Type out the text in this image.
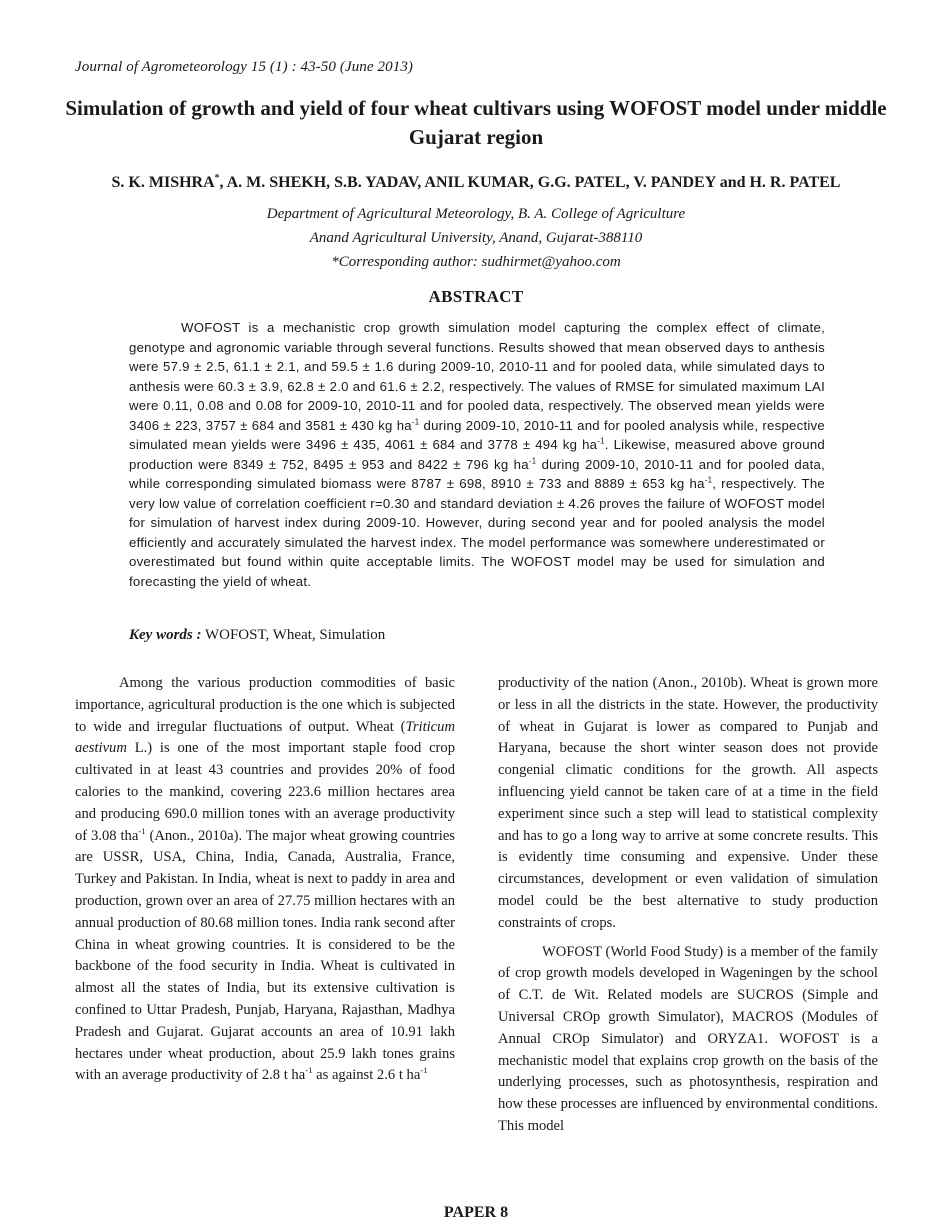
Journal of Agrometeorology 15 (1) : 43-50 (June 2013)
Simulation of growth and yield of four wheat cultivars using WOFOST model under middle Gujarat region
S. K. MISHRA*, A. M. SHEKH, S.B. YADAV, ANIL KUMAR, G.G. PATEL, V. PANDEY and H. R. PATEL
Department of Agricultural Meteorology, B. A. College of Agriculture
Anand Agricultural University, Anand, Gujarat-388110
*Corresponding author: sudhirmet@yahoo.com
ABSTRACT
WOFOST is a mechanistic crop growth simulation model capturing the complex effect of climate, genotype and agronomic variable through several functions. Results showed that mean observed days to anthesis were 57.9 ± 2.5, 61.1 ± 2.1, and 59.5 ± 1.6 during 2009-10, 2010-11 and for pooled data, while simulated days to anthesis were 60.3 ± 3.9, 62.8 ± 2.0 and 61.6 ± 2.2, respectively. The values of RMSE for simulated maximum LAI were 0.11, 0.08 and 0.08 for 2009-10, 2010-11 and for pooled data, respectively. The observed mean yields were 3406 ± 223, 3757 ± 684 and 3581 ± 430 kg $ha^{-1}$ during 2009-10, 2010-11 and for pooled analysis while, respective simulated mean yields were 3496 ± 435, 4061 ± 684 and 3778 ± 494 kg $ha^{-1}$. Likewise, measured above ground production were 8349 ± 752, 8495 ± 953 and 8422 ± 796 kg $ha^{-1}$ during 2009-10, 2010-11 and for pooled data, while corresponding simulated biomass were 8787 ± 698, 8910 ± 733 and 8889 ± 653 kg $ha^{-1}$, respectively. The very low value of correlation coefficient r=0.30 and standard deviation ± 4.26 proves the failure of WOFOST model for simulation of harvest index during 2009-10. However, during second year and for pooled analysis the model efficiently and accurately simulated the harvest index. The model performance was somewhere underestimated or overestimated but found within quite acceptable limits. The WOFOST model may be used for simulation and forecasting the yield of wheat.
Key words : WOFOST, Wheat, Simulation

Among the various production commodities of basic importance, agricultural production is the one which is subjected to wide and irregular fluctuations of output. Wheat (Triticum aestivum L.) is one of the most important staple food crop cultivated in at least 43 countries and provides 20% of food calories to the mankind, covering 223.6 million hectares area and producing 690.0 million tones with an average productivity of 3.08 tha$^{-1}$ (Anon., 2010a). The major wheat growing countries are USSR, USA, China, India, Canada, Australia, France, Turkey and Pakistan. In India, wheat is next to paddy in area and production, grown over an area of 27.75 million hectares with an annual production of 80.68 million tones. India rank second after China in wheat growing countries. It is considered to be the backbone of the food security in India. Wheat is cultivated in almost all the states of India, but its extensive cultivation is confined to Uttar Pradesh, Punjab, Haryana, Rajasthan, Madhya Pradesh and Gujarat. Gujarat accounts an area of 10.91 lakh hectares under wheat production, about 25.9 lakh tones grains with an average productivity of 2.8 t $ha^{-1}$ as against 2.6 t $ha^{-1}$

productivity of the nation (Anon., 2010b). Wheat is grown more or less in all the districts in the state. However, the productivity of wheat in Gujarat is lower as compared to Punjab and Haryana, because the short winter season does not provide congenial climatic conditions for the growth. All aspects influencing yield cannot be taken care of at a time in the field experiment since such a step will lead to statistical complexity and has to go a long way to arrive at some concrete results. This is evidently time consuming and expensive. Under these circumstances, development or even validation of simulation model could be the best alternative to study production constraints of crops.

WOFOST (World Food Study) is a member of the family of crop growth models developed in Wageningen by the school of C.T. de Wit. Related models are SUCROS (Simple and Universal CROp growth Simulator), MACROS (Modules of Annual CROp Simulator) and ORYZA1. WOFOST is a mechanistic model that explains crop growth on the basis of the underlying processes, such as photosynthesis, respiration and how these processes are influenced by environmental conditions. This model

PAPER 8
